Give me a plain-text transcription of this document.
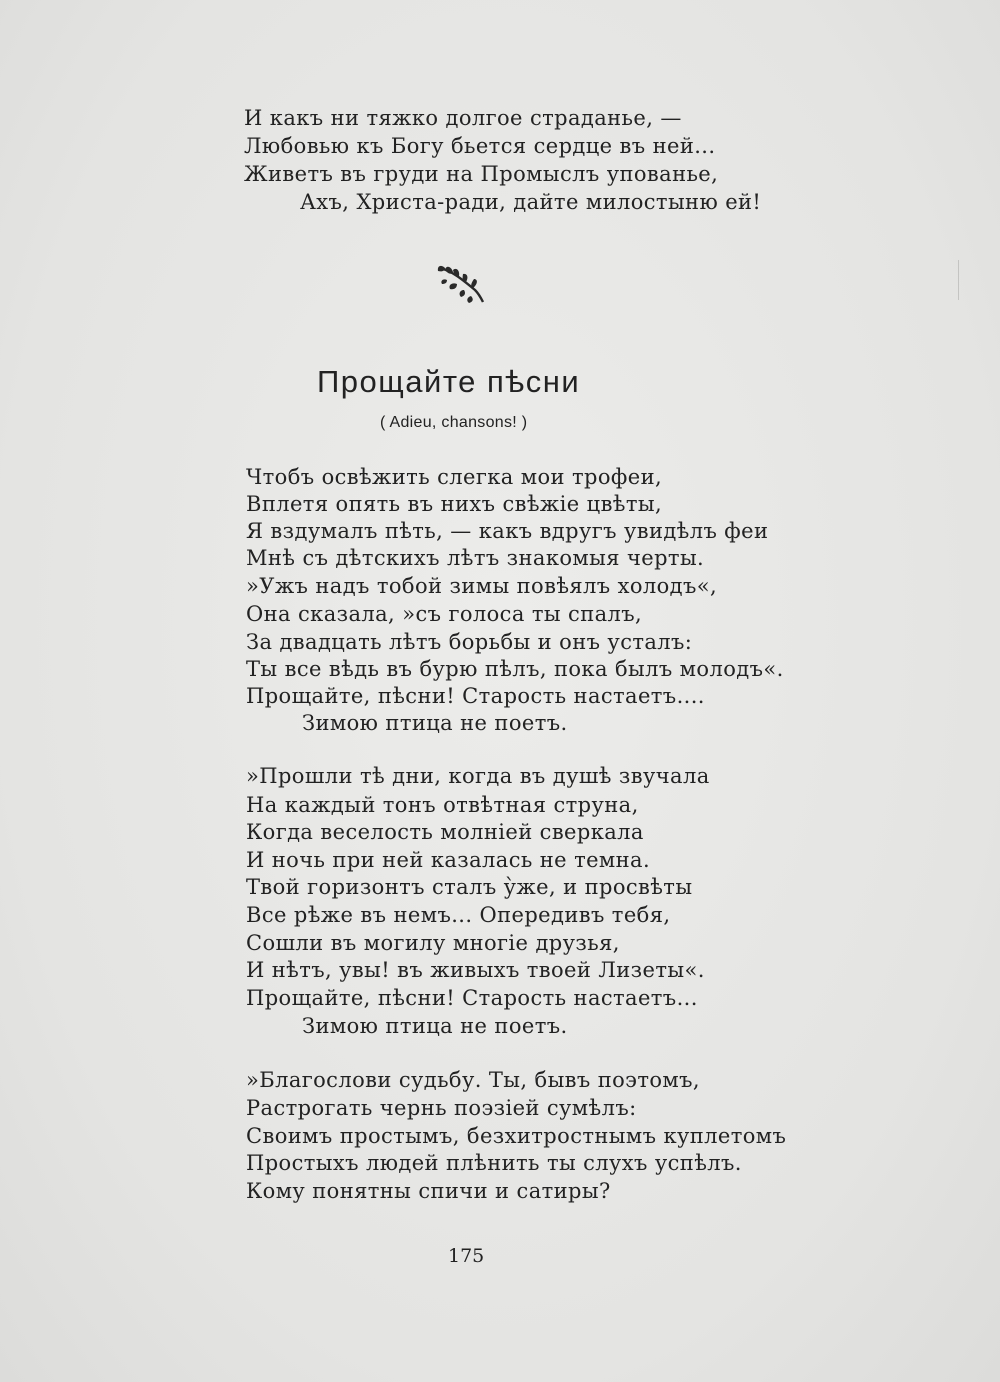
И какъ ни тяжко долгое страданье, —
Любовью къ Богу бьется сердце въ ней...
Живетъ въ груди на Промыслъ упованье,
Ахъ, Христа-ради, дайте милостыню ей!
Прощайте пѣсни
( Adieu, chansons! )
Чтобъ освѣжить слегка мои трофеи,
Вплетя опять въ нихъ свѣжіе цвѣты,
Я вздумалъ пѣть, — какъ вдругъ увидѣлъ феи
Мнѣ съ дѣтскихъ лѣтъ знакомыя черты.
»Ужъ надъ тобой зимы повѣялъ холодъ«,
Она сказала, »съ голоса ты спалъ,
За двадцать лѣтъ борьбы и онъ усталъ:
Ты все вѣдь въ бурю пѣлъ, пока былъ молодъ«.
Прощайте, пѣсни! Старость настаетъ....
Зимою птица не поетъ.
»Прошли тѣ дни, когда въ душѣ звучала
На каждый тонъ отвѣтная струна,
Когда веселость молніей сверкала
И ночь при ней казалась не темна.
Твой горизонтъ сталъ у̀же, и просвѣты
Все рѣже въ немъ... Опередивъ тебя,
Сошли въ могилу многіе друзья,
И нѣтъ, увы! въ живыхъ твоей Лизеты«.
Прощайте, пѣсни! Старость настаетъ...
Зимою птица не поетъ.
»Благослови судьбу. Ты, бывъ поэтомъ,
Растрогать чернь поэзіей сумѣлъ:
Своимъ простымъ, безхитростнымъ куплетомъ
Простыхъ людей плѣнить ты слухъ успѣлъ.
Кому понятны спичи и сатиры?
175
